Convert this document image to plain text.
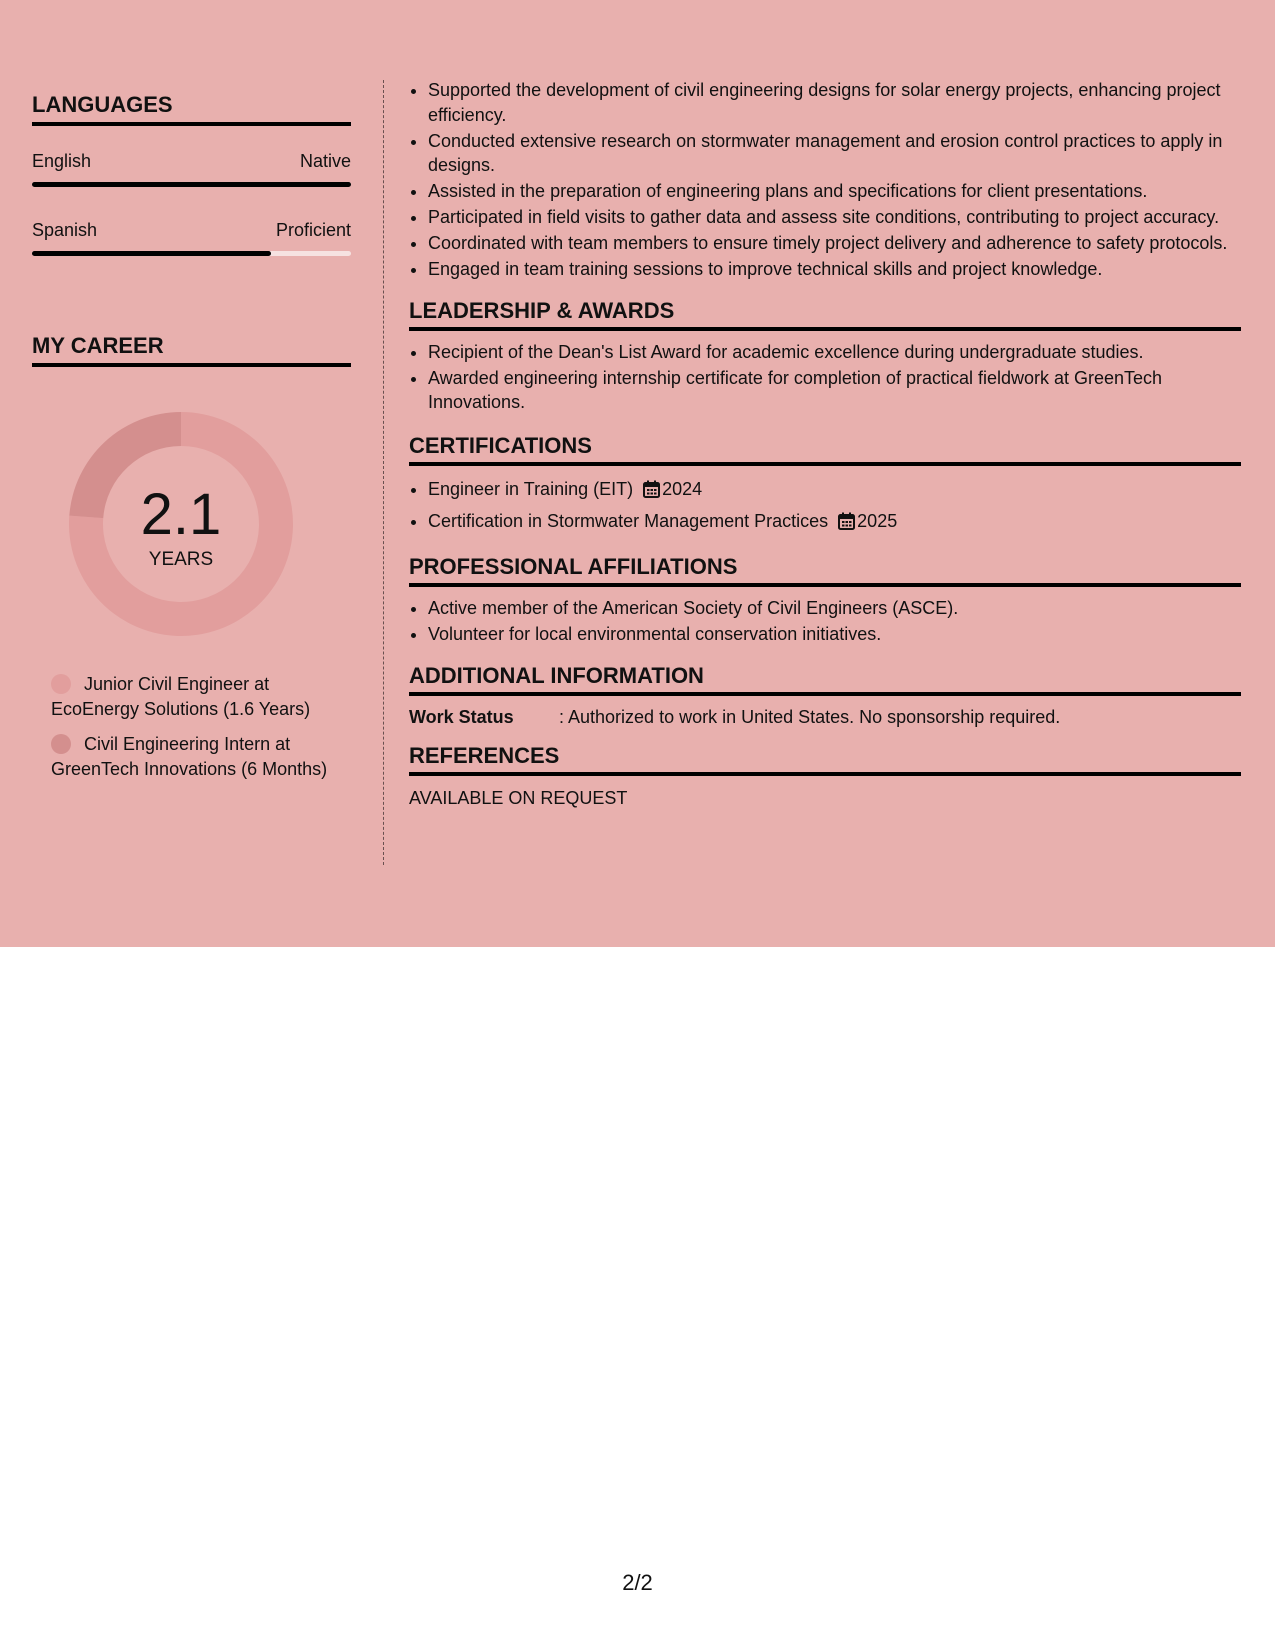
LANGUAGES
English	Native
Spanish	Proficient
MY CAREER
2.1
YEARS
Junior Civil Engineer at EcoEnergy Solutions (1.6 Years)
Civil Engineering Intern at GreenTech Innovations (6 Months)
• Supported the development of civil engineering designs for solar energy projects, enhancing project efficiency.
• Conducted extensive research on stormwater management and erosion control practices to apply in designs.
• Assisted in the preparation of engineering plans and specifications for client presentations.
• Participated in field visits to gather data and assess site conditions, contributing to project accuracy.
• Coordinated with team members to ensure timely project delivery and adherence to safety protocols.
• Engaged in team training sessions to improve technical skills and project knowledge.
LEADERSHIP & AWARDS
• Recipient of the Dean's List Award for academic excellence during undergraduate studies.
• Awarded engineering internship certificate for completion of practical fieldwork at GreenTech Innovations.
CERTIFICATIONS
• Engineer in Training (EIT) 2024
• Certification in Stormwater Management Practices 2025
PROFESSIONAL AFFILIATIONS
• Active member of the American Society of Civil Engineers (ASCE).
• Volunteer for local environmental conservation initiatives.
ADDITIONAL INFORMATION
Work Status	: Authorized to work in United States. No sponsorship required.
REFERENCES
AVAILABLE ON REQUEST
2/2
